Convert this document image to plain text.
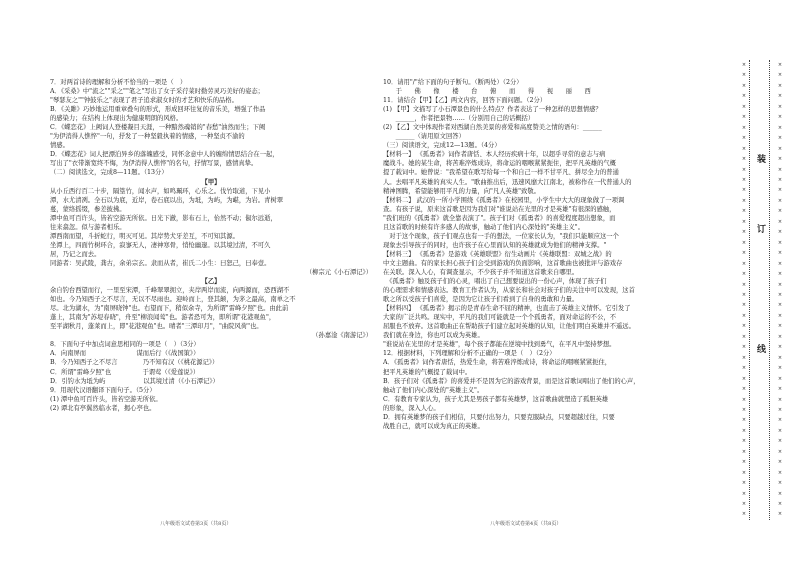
7．对两首诗的理解和分析不恰当的一项是（　）

A．《采桑》中"流之""采之""笔之"写出了女子采荇菜时勤劳灵巧美好的姿态；

"琴瑟友之""钟鼓乐之"表现了君子追求淑女时的才艺和快乐的品格。

B．《关雎》巧妙地运用重章叠句的形式，形成回环往复的音乐美，增强了作品

的感染力；在结构上体现出为健康明朗的风格。

C．《蝶恋花》上阙词人登楼凝目天涯，一种黯然魂销的"春愁"油然而生；下阙

"为伊消得人憔悴"一句，抒发了一种坚毅执着的情感，一种坚贞不渝的

情感。

D．《蝶恋花》词人把漂泊异乡的落魄感受，同怀念意中人的缠绵情思结合在一起，

写出了"衣带渐宽终不悔，为伊消得人憔悴"的名句，抒情写景，感情真挚。

（二）阅读选文，完成8—11题。（13分）

【甲】

从小丘西行百二十步，隔篁竹，闻水声，如鸣珮环，心乐之。伐竹取道，下见小

潭，水尤清冽。全石以为底，近岸，卷石底以出，为坻，为屿，为嵁，为岩。青树翠

蔓，蒙络摇缀，参差披拂。

潭中鱼可百许头，皆若空游无所依。日光下澈，影布石上，佁然不动；俶尔远逝，

往来翕忽。似与游者相乐。

潭西南而望，斗折蛇行，明灭可见。其岸势犬牙差互，不可知其源。

坐潭上，四面竹树环合，寂寥无人，凄神寒骨，悄怆幽邃。以其境过清，不可久

居，乃记之而去。

同游者：吴武陵，龚古，余弟宗玄。隶而从者，崔氏二小生：曰恕己，曰奉壹。

（柳宗元《小石潭记》）

【乙】

余自钓台西望而行，一里至宋潭，千峰翠翠拥立，夹岸两岸而流，向两源而，恐西湖不

如也。今乃知西子之不尽言，无以不尽雨也。迎岭而上，登其颠，为茅之最高，南单之不

尽。北为湖水，为"南屏晓钟"也。右望而下，稍似余寺，为所谓"雷峰夕照"也。由此前

蓬上，其南为"苏堤春晓"，舟至"柳浪闻莺"也。游者恐可为，即所谓"花港观鱼"，

至平湖秋月，蓬莱而上，即"花港观鱼"也。晴者"三潭印月"，"曲院风荷"也。

（孙嘉淦《南游记》）

8．下面句子中加点词意思相同的一项是（　）（3分）

A．向南屏而　　　　　　　　谋而后行（《战国策》）

B．今乃知西子之不尽言　　　　乃不知有汉（《桃花源记》）

C．所谓"雷峰夕照"也　　　　　于谓莺（《爱莲说》）

D．引钓水为坻为屿　　　　　　以其境过清（《小石潭记》）

9．用现代汉语翻译下面句子。（5分）

(1) 潭中鱼可百许头，皆若空游无所依。

(2) 谭北有亭翼然临水者，揭心亭也。

10．请用"/"给下面的句子断句。（断两处）（2分）

　　于　　佛　　像　　楼　　台　　俯　　而　　得　　视　　丽　　西

11．请结合【甲】【乙】两文内容，回答下面问题。（2分）

(1) 【甲】文描写了小石潭景色的什么特点？作者表达了一种怎样的思想情感？

　　______，作者把景物……（分别用自己的话概括）

(2) 【乙】文中体现作者对西湖自然美景的喜爱和高度赞美之情的语句：______

　　______（请用原文回答）

（三）阅读语文，完成12—13题。（4分）

【材料一】 《孤勇者》词作者唐恬、本人经历疾病十年，以超乎寻常的意志与病

魔战斗。她的某生命，将苦难淬炼成诗，将命运的咽喉紧紧扼住，把平凡英雄的气概

提了载词中。她曾说："我希望在歌写给每一个和自己一样不甘平凡、拼尽全力的普通

人。去唱平凡英雄的真实人生。"歌曲推出后，迅速风靡大江南北，被称作在一代普通人的

精神图腾，希望能够用平凡的力量，向"凡人英雄"致敬。

【材料二】 武汉的一所小学围绕《孤勇者》在校园里，小学生中大大的现象做了一项调

查。有孩子说，原来这首歌是因为我们对"谁说站在光里的才是英雄"有很深的感触，

"我们班的《孤勇者》就全靠表演了"。孩子们对《孤勇者》的喜爱程度超出想象，而

且这首歌的时候有许多感人的故事，触动了他们内心深处的"英雄主义"。

　对于这个现象，孩子们观点也有一手的想法，一位家长认为，"我们只能顺应这一个

现象去引导孩子的同时，也许孩子在心里面认知的英雄就成为他们的精神支撑。"

【材料三】 《孤勇者》是游戏《英雄联盟》衍生动画片《英雄联盟：双城之战》的

中文主题曲。有的家长担心孩子们会受到游戏的负面影响，这首歌曲也被批评与游戏存

在关联。深入人心，有调查显示，不少孩子并不知道这首歌来自哪里。

　《孤勇者》触及孩子们的心灵，唱出了自己想要说出的一份心声，体现了孩子们

的心理需求和情感表达。教育工作者认为，从家长和社会对孩子们的关注中可以发现，这首

歌之所以受孩子们喜爱，是因为它让孩子们看到了自身的勇敢和力量。

【材料四】 《孤勇者》揭示的是青春生命不屈的精神，也直击了英雄主义情怀。它引发了

大家的广泛共鸣。现实中，平凡的我们可能就是一个个孤勇者，面对命运的不公，不

屈服也不放弃。这首歌曲正在帮助孩子们建立起对英雄的认知，让他们明白英雄并不遥远。

我们就在身边，你也可以成为英雄。

"谁说站在光里的才是英雄"，每个孩子都能在逆境中找到勇气，在平凡中坚持梦想。

12．根据材料，下列理解和分析不正确的一项是（　）（2分）

A．《孤勇者》词作者唐恬，热爱生命，将苦难淬炼成诗，将命运的咽喉紧紧扼住，

把平凡英雄的气概提了载词中。

B．孩子们对《孤勇者》的喜爱并不是因为它的游戏背景，而是这首歌词唱出了他们的心声，

触动了他们内心深处的"英雄主义"。

C．有教育专家认为，孩子尤其是男孩子都有英雄梦，这首歌曲就塑造了孤胆英雄

的形象，深入人心。

D．拥有英雄梦的孩子们相信，只要付出努力，只要克服缺点，只要超越过往，只要

战胜自己，就可以成为真正的英雄。

八年级语文试卷第3页（共8页）	八年级语文试卷第4页（共8页）
装
订
线
×
×
×
×
×
×
×
×
×
×
×
×
×
×
×
×
×
×
×
×
×
×
×
×
×
×
×
×
×
×
×
×
×
×
×
×
×
×
×
×
×
×
×
×
×
×
×
×
×
×
×
×
×
×
×
×
×
×
×
×
×
×
×
×
×
×
×
×
×
×
×
×
×
×
×
×
×
×
×
×
×
×
×
×
×
×
×
×
